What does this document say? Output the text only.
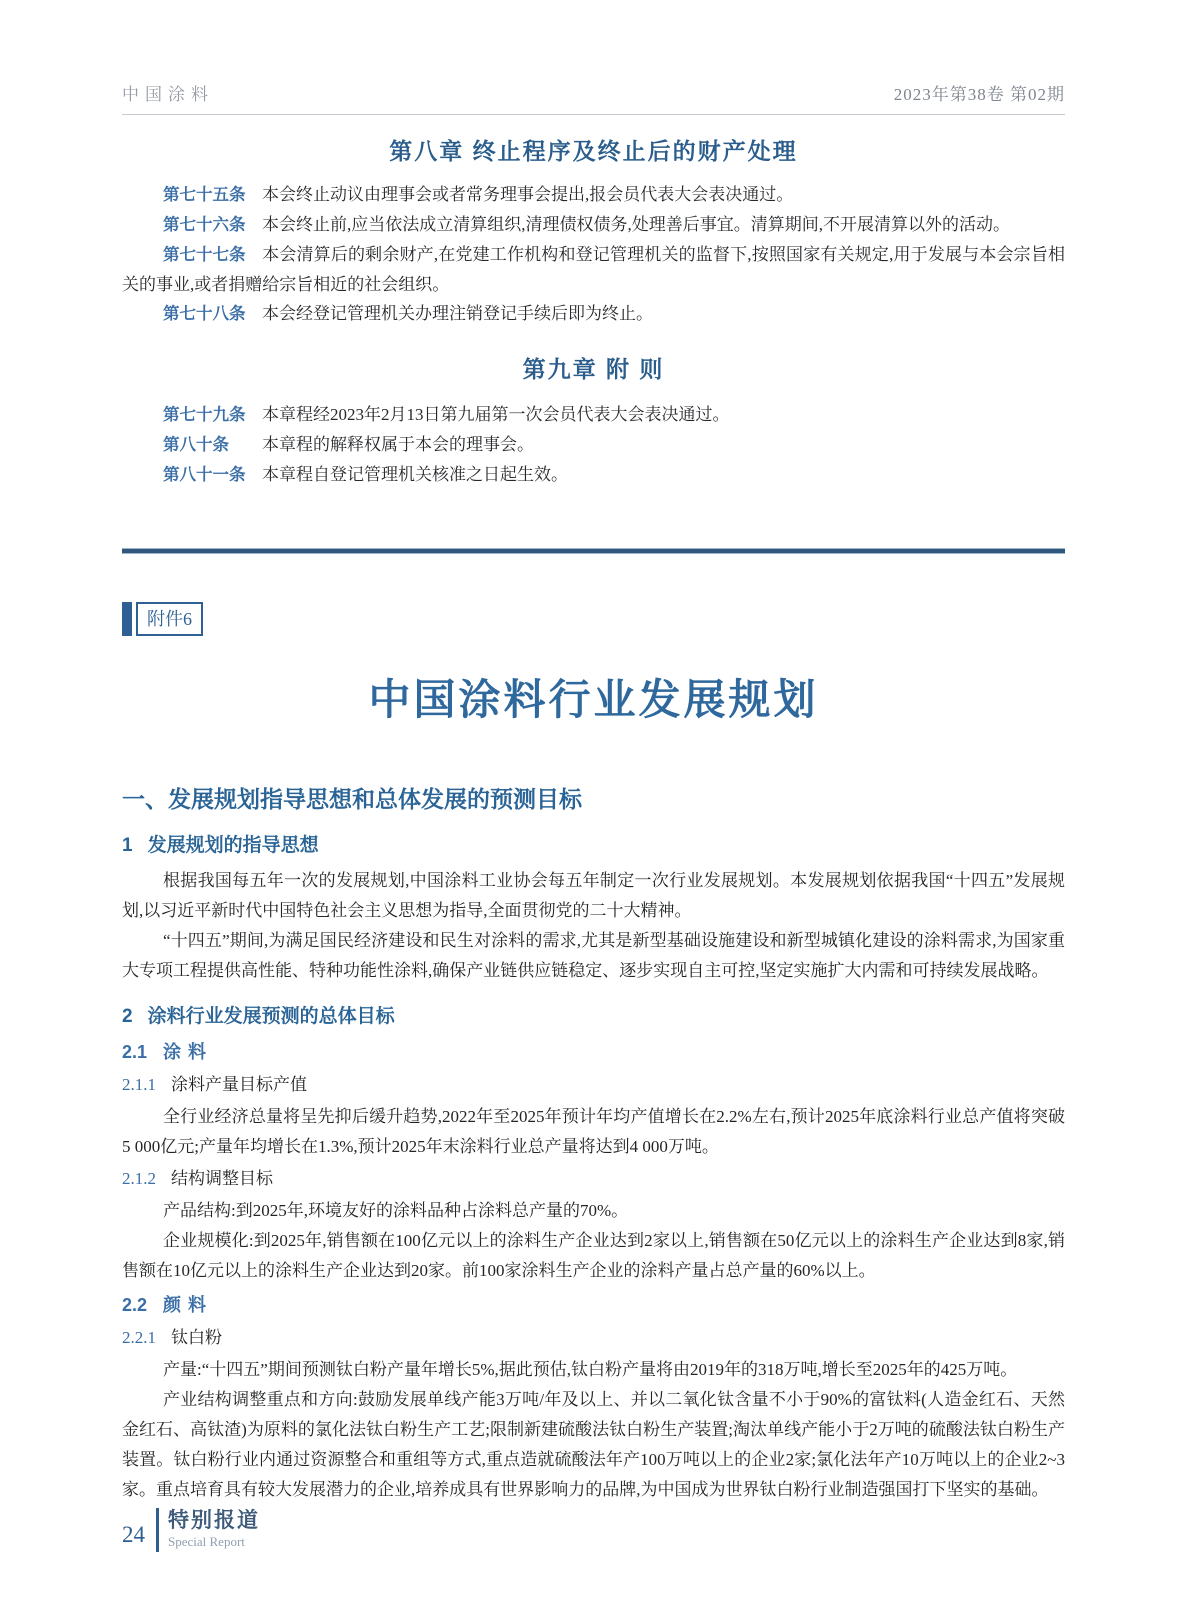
中国涂料	2023年第38卷 第02期
第八章 终止程序及终止后的财产处理

第七十五条 本会终止动议由理事会或者常务理事会提出,报会员代表大会表决通过。

第七十六条 本会终止前,应当依法成立清算组织,清理债权债务,处理善后事宜。清算期间,不开展清算以外的活动。

第七十七条 本会清算后的剩余财产,在党建工作机构和登记管理机关的监督下,按照国家有关规定,用于发展与本会宗旨相关的事业,或者捐赠给宗旨相近的社会组织。

第七十八条 本会经登记管理机关办理注销登记手续后即为终止。

第九章 附 则

第七十九条 本章程经2023年2月13日第九届第一次会员代表大会表决通过。

第八十条 本章程的解释权属于本会的理事会。

第八十一条 本章程自登记管理机关核准之日起生效。

附件6
中国涂料行业发展规划
一、发展规划指导思想和总体发展的预测目标
1 发展规划的指导思想

根据我国每五年一次的发展规划,中国涂料工业协会每五年制定一次行业发展规划。本发展规划依据我国“十四五”发展规划,以习近平新时代中国特色社会主义思想为指导,全面贯彻党的二十大精神。

“十四五”期间,为满足国民经济建设和民生对涂料的需求,尤其是新型基础设施建设和新型城镇化建设的涂料需求,为国家重大专项工程提供高性能、特种功能性涂料,确保产业链供应链稳定、逐步实现自主可控,坚定实施扩大内需和可持续发展战略。

2 涂料行业发展预测的总体目标
2.1 涂 料
2.1.1 涂料产量目标产值

全行业经济总量将呈先抑后缓升趋势,2022年至2025年预计年均产值增长在2.2%左右,预计2025年底涂料行业总产值将突破5 000亿元;产量年均增长在1.3%,预计2025年末涂料行业总产量将达到4 000万吨。

2.1.2 结构调整目标

产品结构:到2025年,环境友好的涂料品种占涂料总产量的70%。

企业规模化:到2025年,销售额在100亿元以上的涂料生产企业达到2家以上,销售额在50亿元以上的涂料生产企业达到8家,销售额在10亿元以上的涂料生产企业达到20家。前100家涂料生产企业的涂料产量占总产量的60%以上。

2.2 颜 料
2.2.1 钛白粉

产量:“十四五”期间预测钛白粉产量年增长5%,据此预估,钛白粉产量将由2019年的318万吨,增长至2025年的425万吨。

产业结构调整重点和方向:鼓励发展单线产能3万吨/年及以上、并以二氧化钛含量不小于90%的富钛料(人造金红石、天然金红石、高钛渣)为原料的氯化法钛白粉生产工艺;限制新建硫酸法钛白粉生产装置;淘汰单线产能小于2万吨的硫酸法钛白粉生产装置。钛白粉行业内通过资源整合和重组等方式,重点造就硫酸法年产100万吨以上的企业2家;氯化法年产10万吨以上的企业2~3家。重点培育具有较大发展潜力的企业,培养成具有世界影响力的品牌,为中国成为世界钛白粉行业制造强国打下坚实的基础。

24
特别报道
Special Report
